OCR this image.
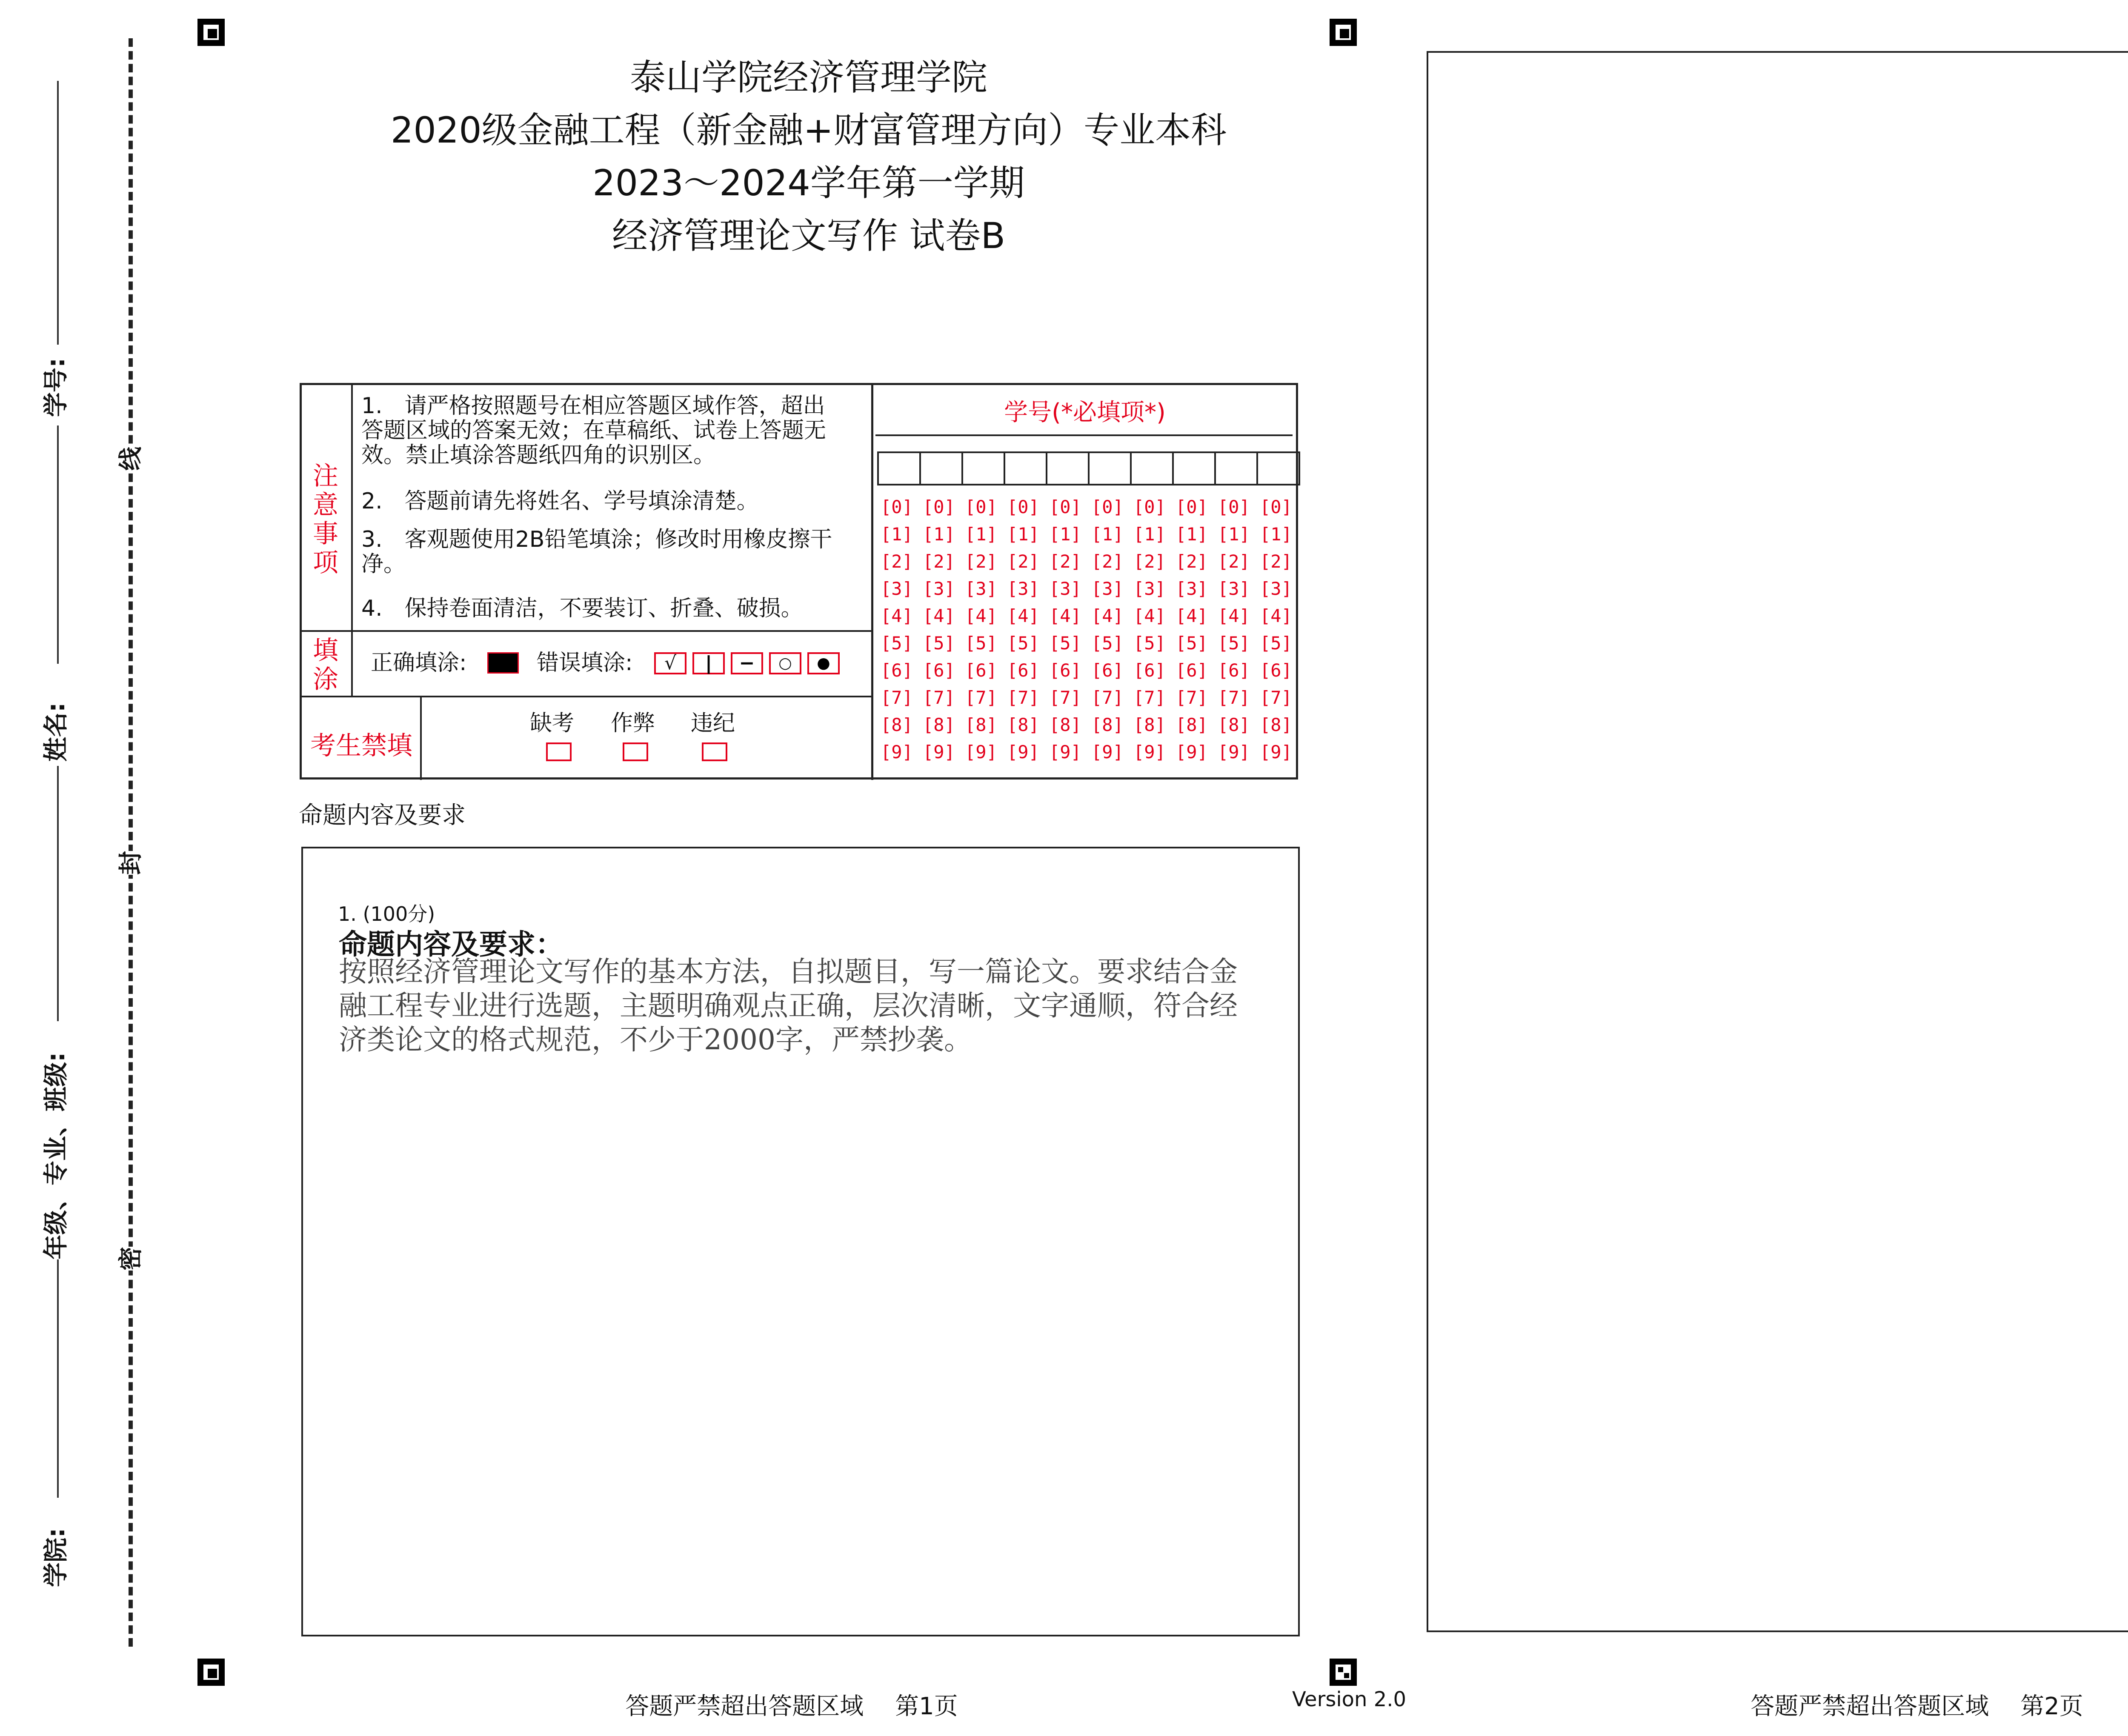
学号:
姓名:
年级、专业、班级:
学院:
线
封
密
泰山学院经济管理学院
2020级金融工程（新金融+财富管理方向）专业本科
2023～2024学年第一学期
经济管理论文写作 试卷B
注
意
事
项
1.　请严格按照题号在相应答题区域作答，超出答题区域的答案无效；在草稿纸、试卷上答题无效。禁止填涂答题纸四角的识别区。
2.　答题前请先将姓名、学号填涂清楚。
3.　客观题使用2B铅笔填涂；修改时用橡皮擦干净。
4.　保持卷面清洁，不要装订、折叠、破损。
填
涂
正确填涂:	错误填涂:	√	|	−	○	●
考生禁填
缺考 作弊 违纪
学号(*必填项*)
[0] [0] [0] [0] [0] [0] [0] [0] [0] [0]
[1] [1] [1] [1] [1] [1] [1] [1] [1] [1]
[2] [2] [2] [2] [2] [2] [2] [2] [2] [2]
[3] [3] [3] [3] [3] [3] [3] [3] [3] [3]
[4] [4] [4] [4] [4] [4] [4] [4] [4] [4]
[5] [5] [5] [5] [5] [5] [5] [5] [5] [5]
[6] [6] [6] [6] [6] [6] [6] [6] [6] [6]
[7] [7] [7] [7] [7] [7] [7] [7] [7] [7]
[8] [8] [8] [8] [8] [8] [8] [8] [8] [8]
[9] [9] [9] [9] [9] [9] [9] [9] [9] [9]
命题内容及要求
1. (100分)
命题内容及要求：
按照经济管理论文写作的基本方法，自拟题目，写一篇论文。要求结合金融工程专业进行选题，主题明确观点正确，层次清晰，文字通顺，符合经济类论文的格式规范，不少于2000字，严禁抄袭。
答题严禁超出答题区域　 第1页	Version 2.0	答题严禁超出答题区域　 第2页
